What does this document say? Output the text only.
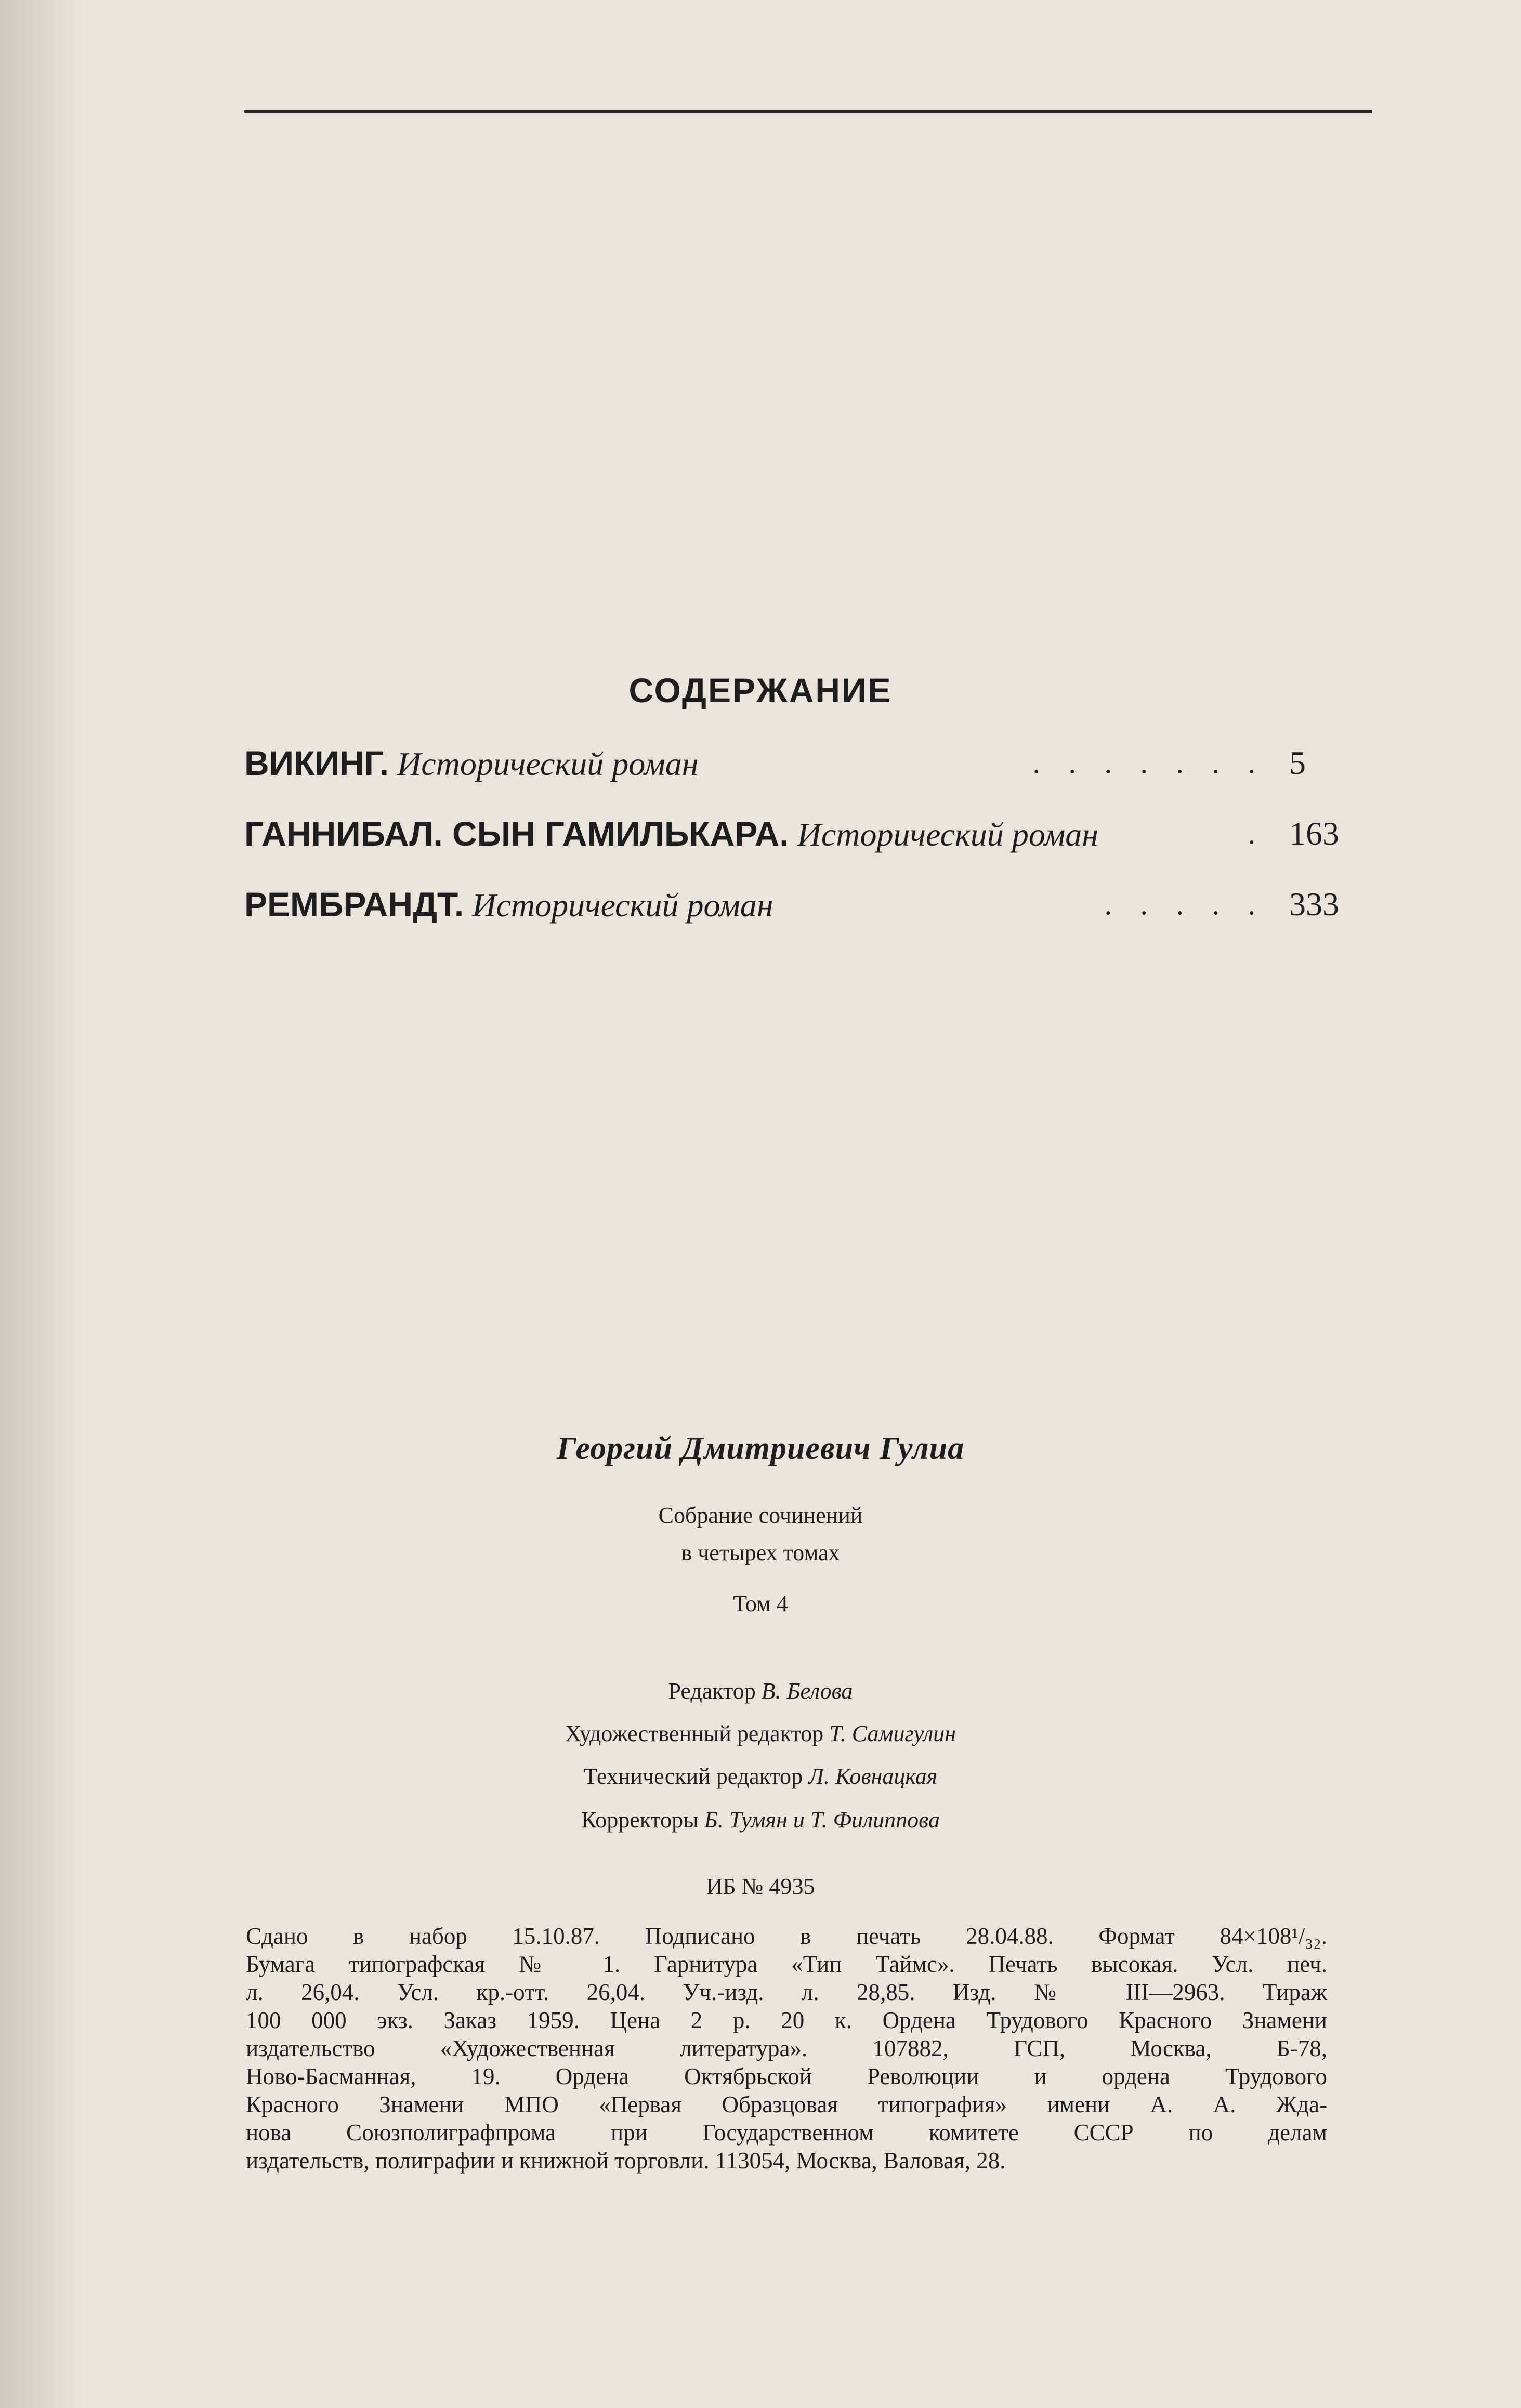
СОДЕРЖАНИЕ
ВИКИНГ. Исторический роман	. . . . . . . 5
ГАННИБАЛ. СЫН ГАМИЛЬКАРА. Исторический роман	. 163
РЕМБРАНДТ. Исторический роман	. . . . . 333
Георгий Дмитриевич Гулиа
Собрание сочинений
в четырех томах
Том 4
Редактор В. Белова
Художественный редактор Т. Самигулин
Технический редактор Л. Ковнацкая
Корректоры Б. Тумян и Т. Филиппова
ИБ № 4935

Сдано в набор 15.10.87. Подписано в печать 28.04.88. Формат 84×108¹/₃₂.
Бумага типографская № 1. Гарнитура «Тип Таймс». Печать высокая. Усл. печ.
л. 26,04. Усл. кр.-отт. 26,04. Уч.-изд. л. 28,85. Изд. № III—2963. Тираж
100 000 экз. Заказ 1959. Цена 2 р. 20 к. Ордена Трудового Красного Знамени
издательство «Художественная литература». 107882, ГСП, Москва, Б-78,
Ново-Басманная, 19. Ордена Октябрьской Революции и ордена Трудового
Красного Знамени МПО «Первая Образцовая типография» имени А. А. Жда-
нова Союзполиграфпрома при Государственном комитете СССР по делам
издательств, полиграфии и книжной торговли. 113054, Москва, Валовая, 28.
